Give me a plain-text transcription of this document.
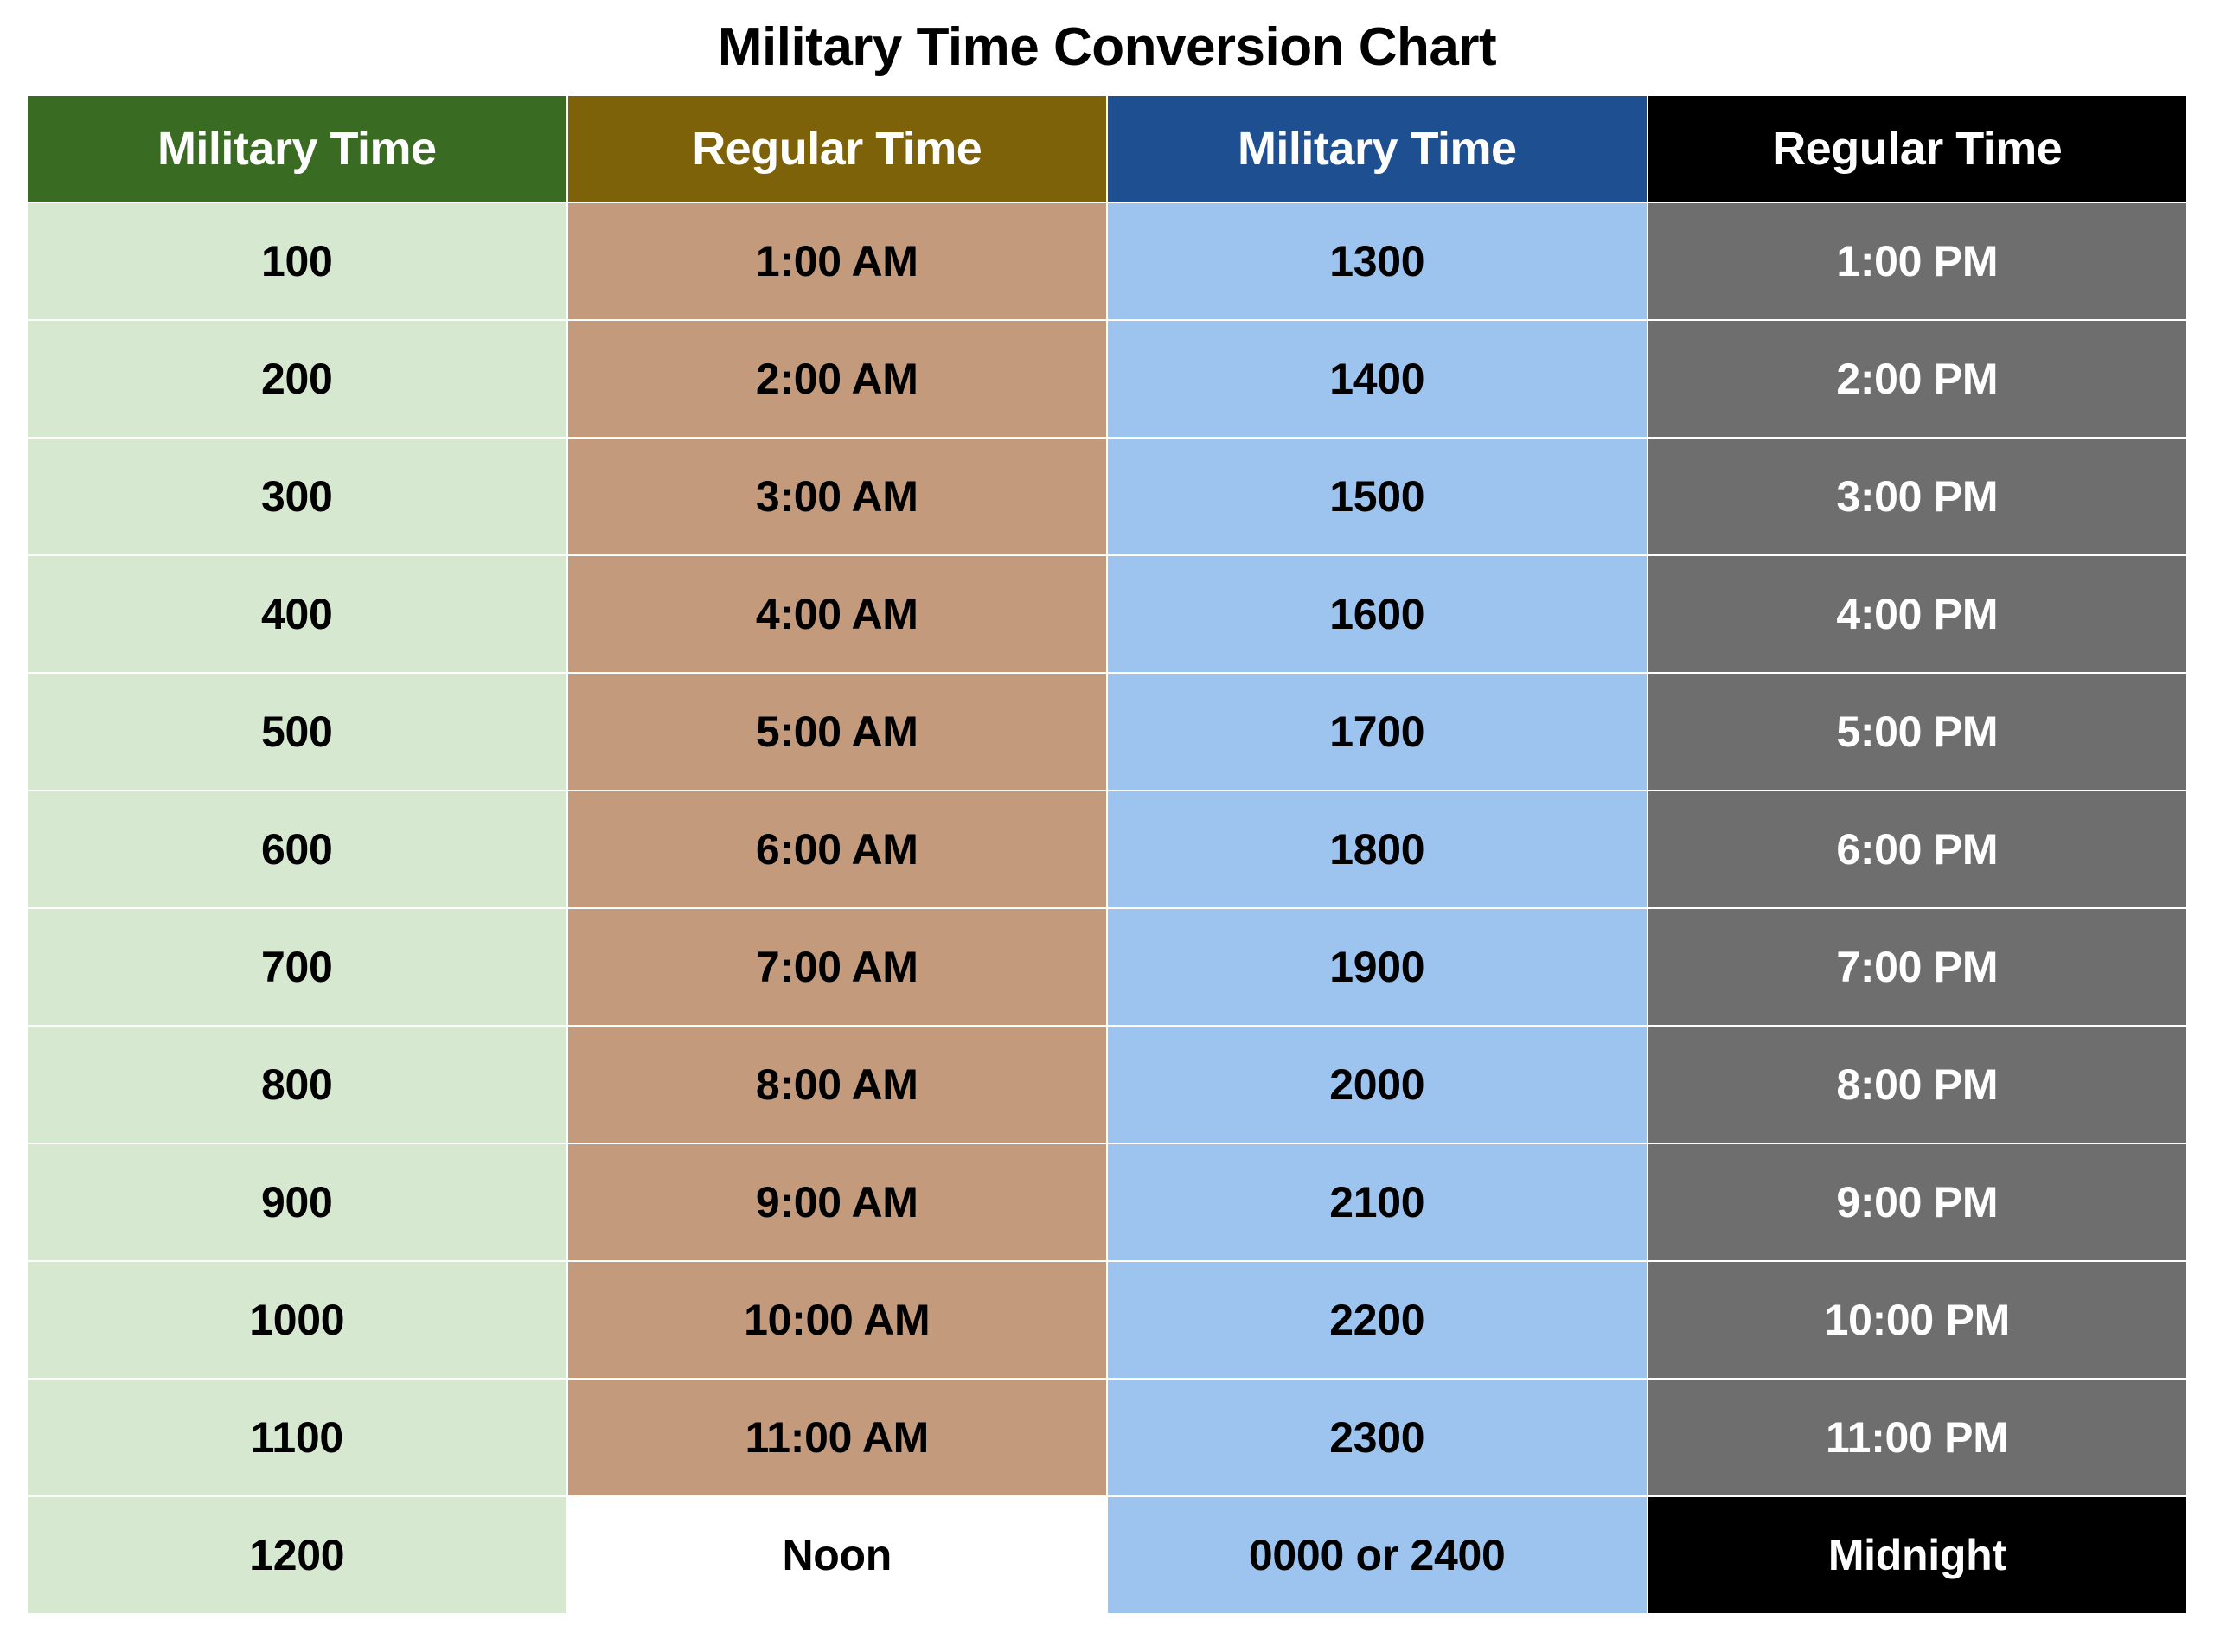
Military Time Conversion Chart
Military Time	Regular Time	Military Time	Regular Time
100	1:00 AM	1300	1:00 PM
200	2:00 AM	1400	2:00 PM
300	3:00 AM	1500	3:00 PM
400	4:00 AM	1600	4:00 PM
500	5:00 AM	1700	5:00 PM
600	6:00 AM	1800	6:00 PM
700	7:00 AM	1900	7:00 PM
800	8:00 AM	2000	8:00 PM
900	9:00 AM	2100	9:00 PM
1000	10:00 AM	2200	10:00 PM
1100	11:00 AM	2300	11:00 PM
1200	Noon	0000 or 2400	Midnight
